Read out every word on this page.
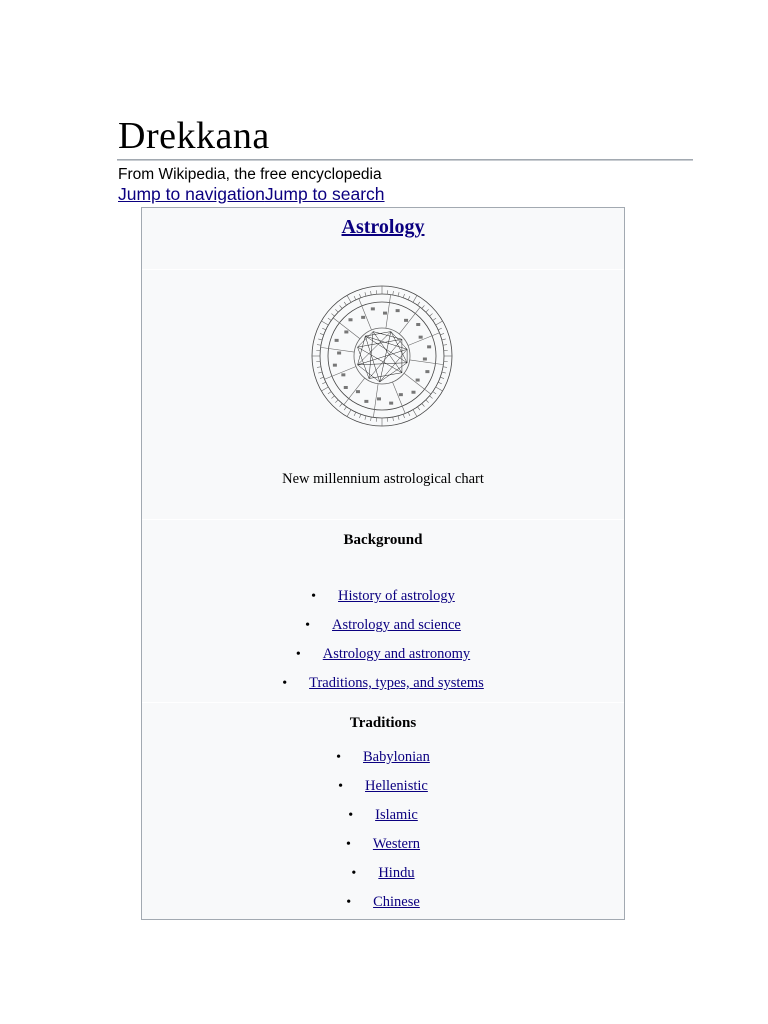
Drekkana
From Wikipedia, the free encyclopedia
Jump to navigationJump to search
Astrology
New millennium astrological chart
Background
• History of astrology
• Astrology and science
• Astrology and astronomy
• Traditions, types, and systems
Traditions
• Babylonian
• Hellenistic
• Islamic
• Western
• Hindu
• Chinese
